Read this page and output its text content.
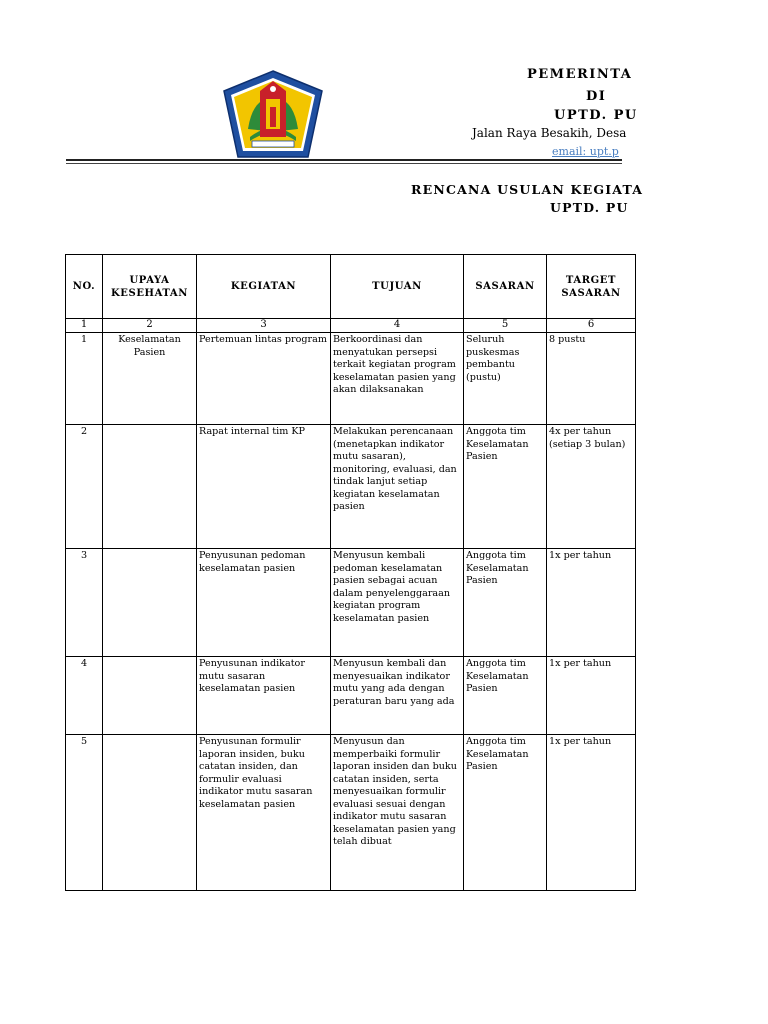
PEMERINTA
DI
UPTD. PU
Jalan Raya Besakih, Desa
email: upt.p
RENCANA USULAN KEGIATA
UPTD. PU
NO.	UPAYA KESEHATAN	KEGIATAN	TUJUAN	SASARAN	TARGET SASARAN
1	2	3	4	5	6
1	Keselamatan Pasien	Pertemuan lintas program	Berkoordinasi dan menyatukan persepsi terkait kegiatan program keselamatan pasien yang akan dilaksanakan	Seluruh puskesmas pembantu (pustu)	8 pustu
2		Rapat internal tim KP	Melakukan perencanaan (menetapkan indikator mutu sasaran), monitoring, evaluasi, dan tindak lanjut setiap kegiatan keselamatan pasien	Anggota tim Keselamatan Pasien	4x per tahun (setiap 3 bulan)
3		Penyusunan pedoman keselamatan pasien	Menyusun kembali pedoman keselamatan pasien sebagai acuan dalam penyelenggaraan kegiatan program keselamatan pasien	Anggota tim Keselamatan Pasien	1x per tahun
4		Penyusunan indikator mutu sasaran keselamatan pasien	Menyusun kembali dan menyesuaikan indikator mutu yang ada dengan peraturan baru yang ada	Anggota tim Keselamatan Pasien	1x per tahun
5		Penyusunan formulir laporan insiden, buku catatan insiden, dan formulir evaluasi indikator mutu sasaran keselamatan pasien	Menyusun dan memperbaiki formulir laporan insiden dan buku catatan insiden, serta menyesuaikan formulir evaluasi sesuai dengan indikator mutu sasaran keselamatan pasien yang telah dibuat	Anggota tim Keselamatan Pasien	1x per tahun
